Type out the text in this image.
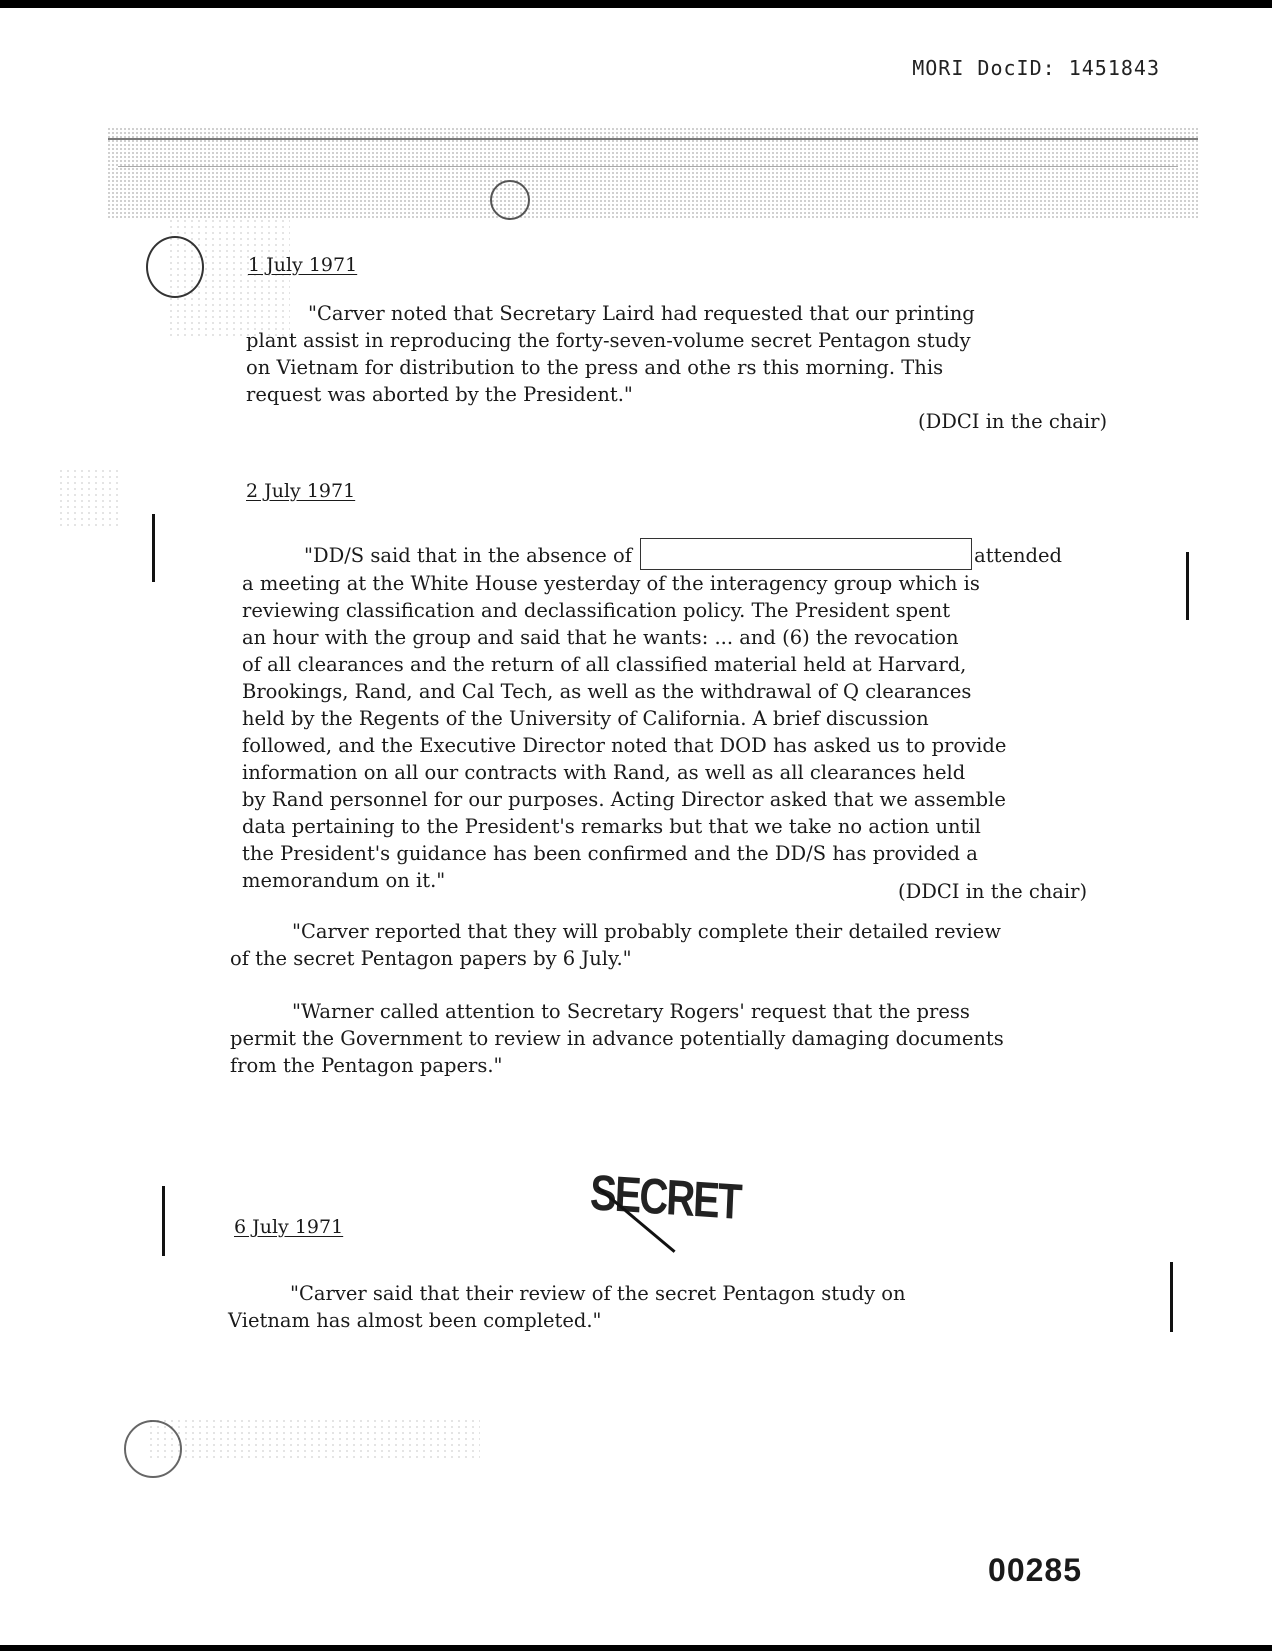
MORI DocID: 1451843
1 July 1971

"Carver noted that Secretary Laird had requested that our printing
plant assist in reproducing the forty-seven-volume secret Pentagon study
on Vietnam for distribution to the press and othe rs this morning. This
request was aborted by the President."

(DDCI in the chair)
2 July 1971

"DD/S said that in the absence of	attended
a meeting at the White House yesterday of the interagency group which is
reviewing classification and declassification policy. The President spent
an hour with the group and said that he wants: ... and (6) the revocation
of all clearances and the return of all classified material held at Harvard,
Brookings, Rand, and Cal Tech, as well as the withdrawal of Q clearances
held by the Regents of the University of California. A brief discussion
followed, and the Executive Director noted that DOD has asked us to provide
information on all our contracts with Rand, as well as all clearances held
by Rand personnel for our purposes. Acting Director asked that we assemble
data pertaining to the President's remarks but that we take no action until
the President's guidance has been confirmed and the DD/S has provided a
memorandum on it."	(DDCI in the chair)

"Carver reported that they will probably complete their detailed review
of the secret Pentagon papers by 6 July."

"Warner called attention to Secretary Rogers' request that the press
permit the Government to review in advance potentially damaging documents
from the Pentagon papers."

SECRET
6 July 1971

"Carver said that their review of the secret Pentagon study on
Vietnam has almost been completed."

00285
